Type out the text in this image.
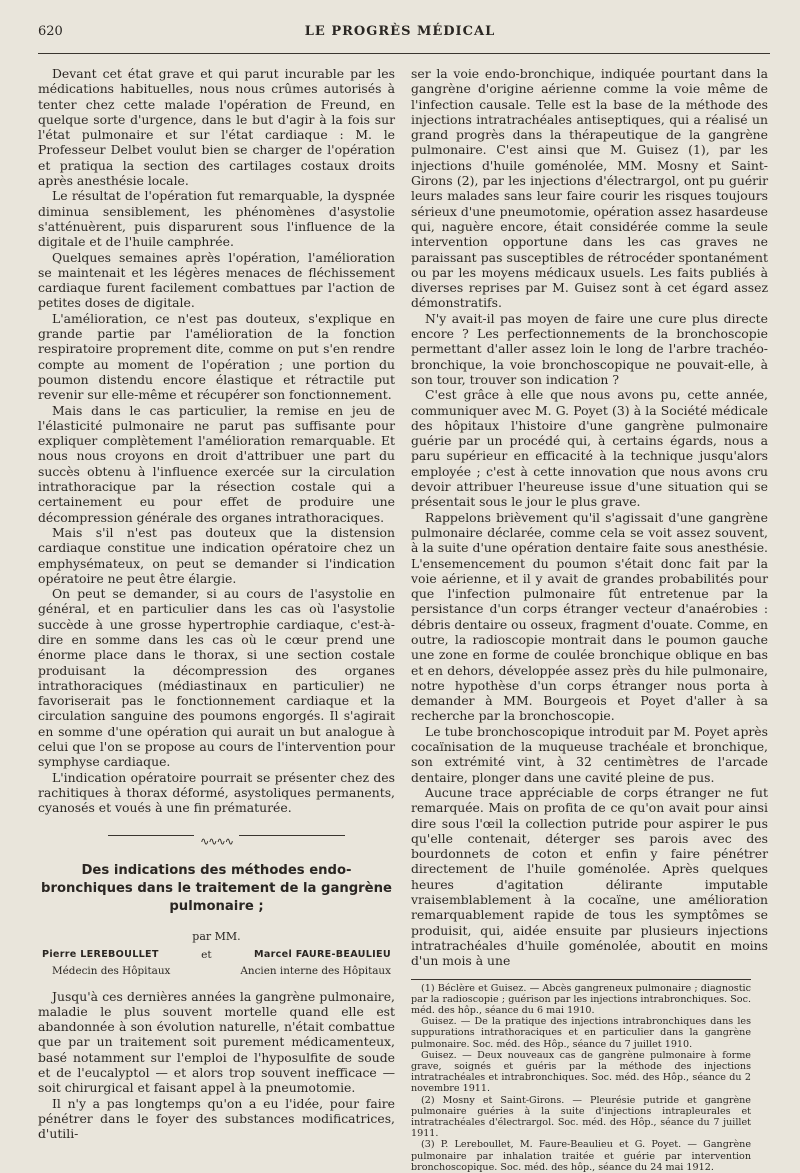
620	LE PROGRÈS MÉDICAL

Devant cet état grave et qui parut incurable par les médications habituelles, nous nous crûmes autorisés à tenter chez cette malade l'opération de Freund, en quelque sorte d'urgence, dans le but d'agir à la fois sur l'état pulmonaire et sur l'état cardiaque : M. le Professeur Delbet voulut bien se charger de l'opération et pratiqua la section des cartilages costaux droits après anesthésie locale.

Le résultat de l'opération fut remarquable, la dyspnée diminua sensiblement, les phénomènes d'asystolie s'atténuèrent, puis disparurent sous l'influence de la digitale et de l'huile camphrée.

Quelques semaines après l'opération, l'amélioration se maintenait et les légères menaces de fléchissement cardiaque furent facilement combattues par l'action de petites doses de digitale.

L'amélioration, ce n'est pas douteux, s'explique en grande partie par l'amélioration de la fonction respiratoire proprement dite, comme on put s'en rendre compte au moment de l'opération ; une portion du poumon distendu encore élastique et rétractile put revenir sur elle-même et récupérer son fonctionnement.

Mais dans le cas particulier, la remise en jeu de l'élasticité pulmonaire ne parut pas suffisante pour expliquer complètement l'amélioration remarquable. Et nous nous croyons en droit d'attribuer une part du succès obtenu à l'influence exercée sur la circulation intrathoracique par la résection costale qui a certainement eu pour effet de produire une décompression générale des organes intrathoraciques.

Mais s'il n'est pas douteux que la distension cardiaque constitue une indication opératoire chez un emphysémateux, on peut se demander si l'indication opératoire ne peut être élargie.

On peut se demander, si au cours de l'asystolie en général, et en particulier dans les cas où l'asystolie succède à une grosse hypertrophie cardiaque, c'est-à-dire en somme dans les cas où le cœur prend une énorme place dans le thorax, si une section costale produisant la décompression des organes intrathoraciques (médiastinaux en particulier) ne favoriserait pas le fonctionnement cardiaque et la circulation sanguine des poumons engorgés. Il s'agirait en somme d'une opération qui aurait un but analogue à celui que l'on se propose au cours de l'intervention pour symphyse cardiaque.

L'indication opératoire pourrait se présenter chez des rachitiques à thorax déformé, asystoliques permanents, cyanosés et voués à une fin prématurée.

∿∿∿∿
Des indications des méthodes endo-bronchiques dans le traitement de la gangrène pulmonaire ;
par MM.
Pierre LEREBOULLET	et	Marcel FAURE-BEAULIEU
Médecin des Hôpitaux	Ancien interne des Hôpitaux

Jusqu'à ces dernières années la gangrène pulmonaire, maladie le plus souvent mortelle quand elle est abandonnée à son évolution naturelle, n'était combattue que par un traitement soit purement médicamenteux, basé notamment sur l'emploi de l'hyposulfite de soude et de l'eucalyptol — et alors trop souvent inefficace — soit chirurgical et faisant appel à la pneumotomie.

Il n'y a pas longtemps qu'on a eu l'idée, pour faire pénétrer dans le foyer des substances modificatrices, d'utili-

ser la voie endo-bronchique, indiquée pourtant dans la gangrène d'origine aérienne comme la voie même de l'infection causale. Telle est la base de la méthode des injections intratrachéales antiseptiques, qui a réalisé un grand progrès dans la thérapeutique de la gangrène pulmonaire. C'est ainsi que M. Guisez (1), par les injections d'huile goménolée, MM. Mosny et Saint-Girons (2), par les injections d'électrargol, ont pu guérir leurs malades sans leur faire courir les risques toujours sérieux d'une pneumotomie, opération assez hasardeuse qui, naguère encore, était considérée comme la seule intervention opportune dans les cas graves ne paraissant pas susceptibles de rétrocéder spontanément ou par les moyens médicaux usuels. Les faits publiés à diverses reprises par M. Guisez sont à cet égard assez démonstratifs.

N'y avait-il pas moyen de faire une cure plus directe encore ? Les perfectionnements de la bronchoscopie permettant d'aller assez loin le long de l'arbre trachéo-bronchique, la voie bronchoscopique ne pouvait-elle, à son tour, trouver son indication ?

C'est grâce à elle que nous avons pu, cette année, communiquer avec M. G. Poyet (3) à la Société médicale des hôpitaux l'histoire d'une gangrène pulmonaire guérie par un procédé qui, à certains égards, nous a paru supérieur en efficacité à la technique jusqu'alors employée ; c'est à cette innovation que nous avons cru devoir attribuer l'heureuse issue d'une situation qui se présentait sous le jour le plus grave.

Rappelons brièvement qu'il s'agissait d'une gangrène pulmonaire déclarée, comme cela se voit assez souvent, à la suite d'une opération dentaire faite sous anesthésie. L'ensemencement du poumon s'était donc fait par la voie aérienne, et il y avait de grandes probabilités pour que l'infection pulmonaire fût entretenue par la persistance d'un corps étranger vecteur d'anaérobies : débris dentaire ou osseux, fragment d'ouate. Comme, en outre, la radioscopie montrait dans le poumon gauche une zone en forme de coulée bronchique oblique en bas et en dehors, développée assez près du hile pulmonaire, notre hypothèse d'un corps étranger nous porta à demander à MM. Bourgeois et Poyet d'aller à sa recherche par la bronchoscopie.

Le tube bronchoscopique introduit par M. Poyet après cocaïnisation de la muqueuse trachéale et bronchique, son extrémité vint, à 32 centimètres de l'arcade dentaire, plonger dans une cavité pleine de pus.

Aucune trace appréciable de corps étranger ne fut remarquée. Mais on profita de ce qu'on avait pour ainsi dire sous l'œil la collection putride pour aspirer le pus qu'elle contenait, déterger ses parois avec des bourdonnets de coton et enfin y faire pénétrer directement de l'huile goménolée. Après quelques heures d'agitation délirante imputable vraisemblablement à la cocaïne, une amélioration remarquablement rapide de tous les symptômes se produisit, qui, aidée ensuite par plusieurs injections intratrachéales d'huile goménolée, aboutit en moins d'un mois à une

(1) Béclère et Guisez. — Abcès gangreneux pulmonaire ; diagnostic par la radioscopie ; guérison par les injections intrabronchiques. Soc. méd. des hôp., séance du 6 mai 1910.

Guisez. — De la pratique des injections intrabronchiques dans les suppurations intrathoraciques et en particulier dans la gangrène pulmonaire. Soc. méd. des Hôp., séance du 7 juillet 1910.

Guisez. — Deux nouveaux cas de gangrène pulmonaire à forme grave, soignés et guéris par la méthode des injections intratrachéales et intrabronchiques. Soc. méd. des Hôp., séance du 2 novembre 1911.

(2) Mosny et Saint-Girons. — Pleurésie putride et gangrène pulmonaire guéries à la suite d'injections intrapleurales et intratrachéales d'électrargol. Soc. méd. des Hôp., séance du 7 juillet 1911.

(3) P. Lereboullet, M. Faure-Beaulieu et G. Poyet. — Gangrène pulmonaire par inhalation traitée et guérie par intervention bronchoscopique. Soc. méd. des hôp., séance du 24 mai 1912.
